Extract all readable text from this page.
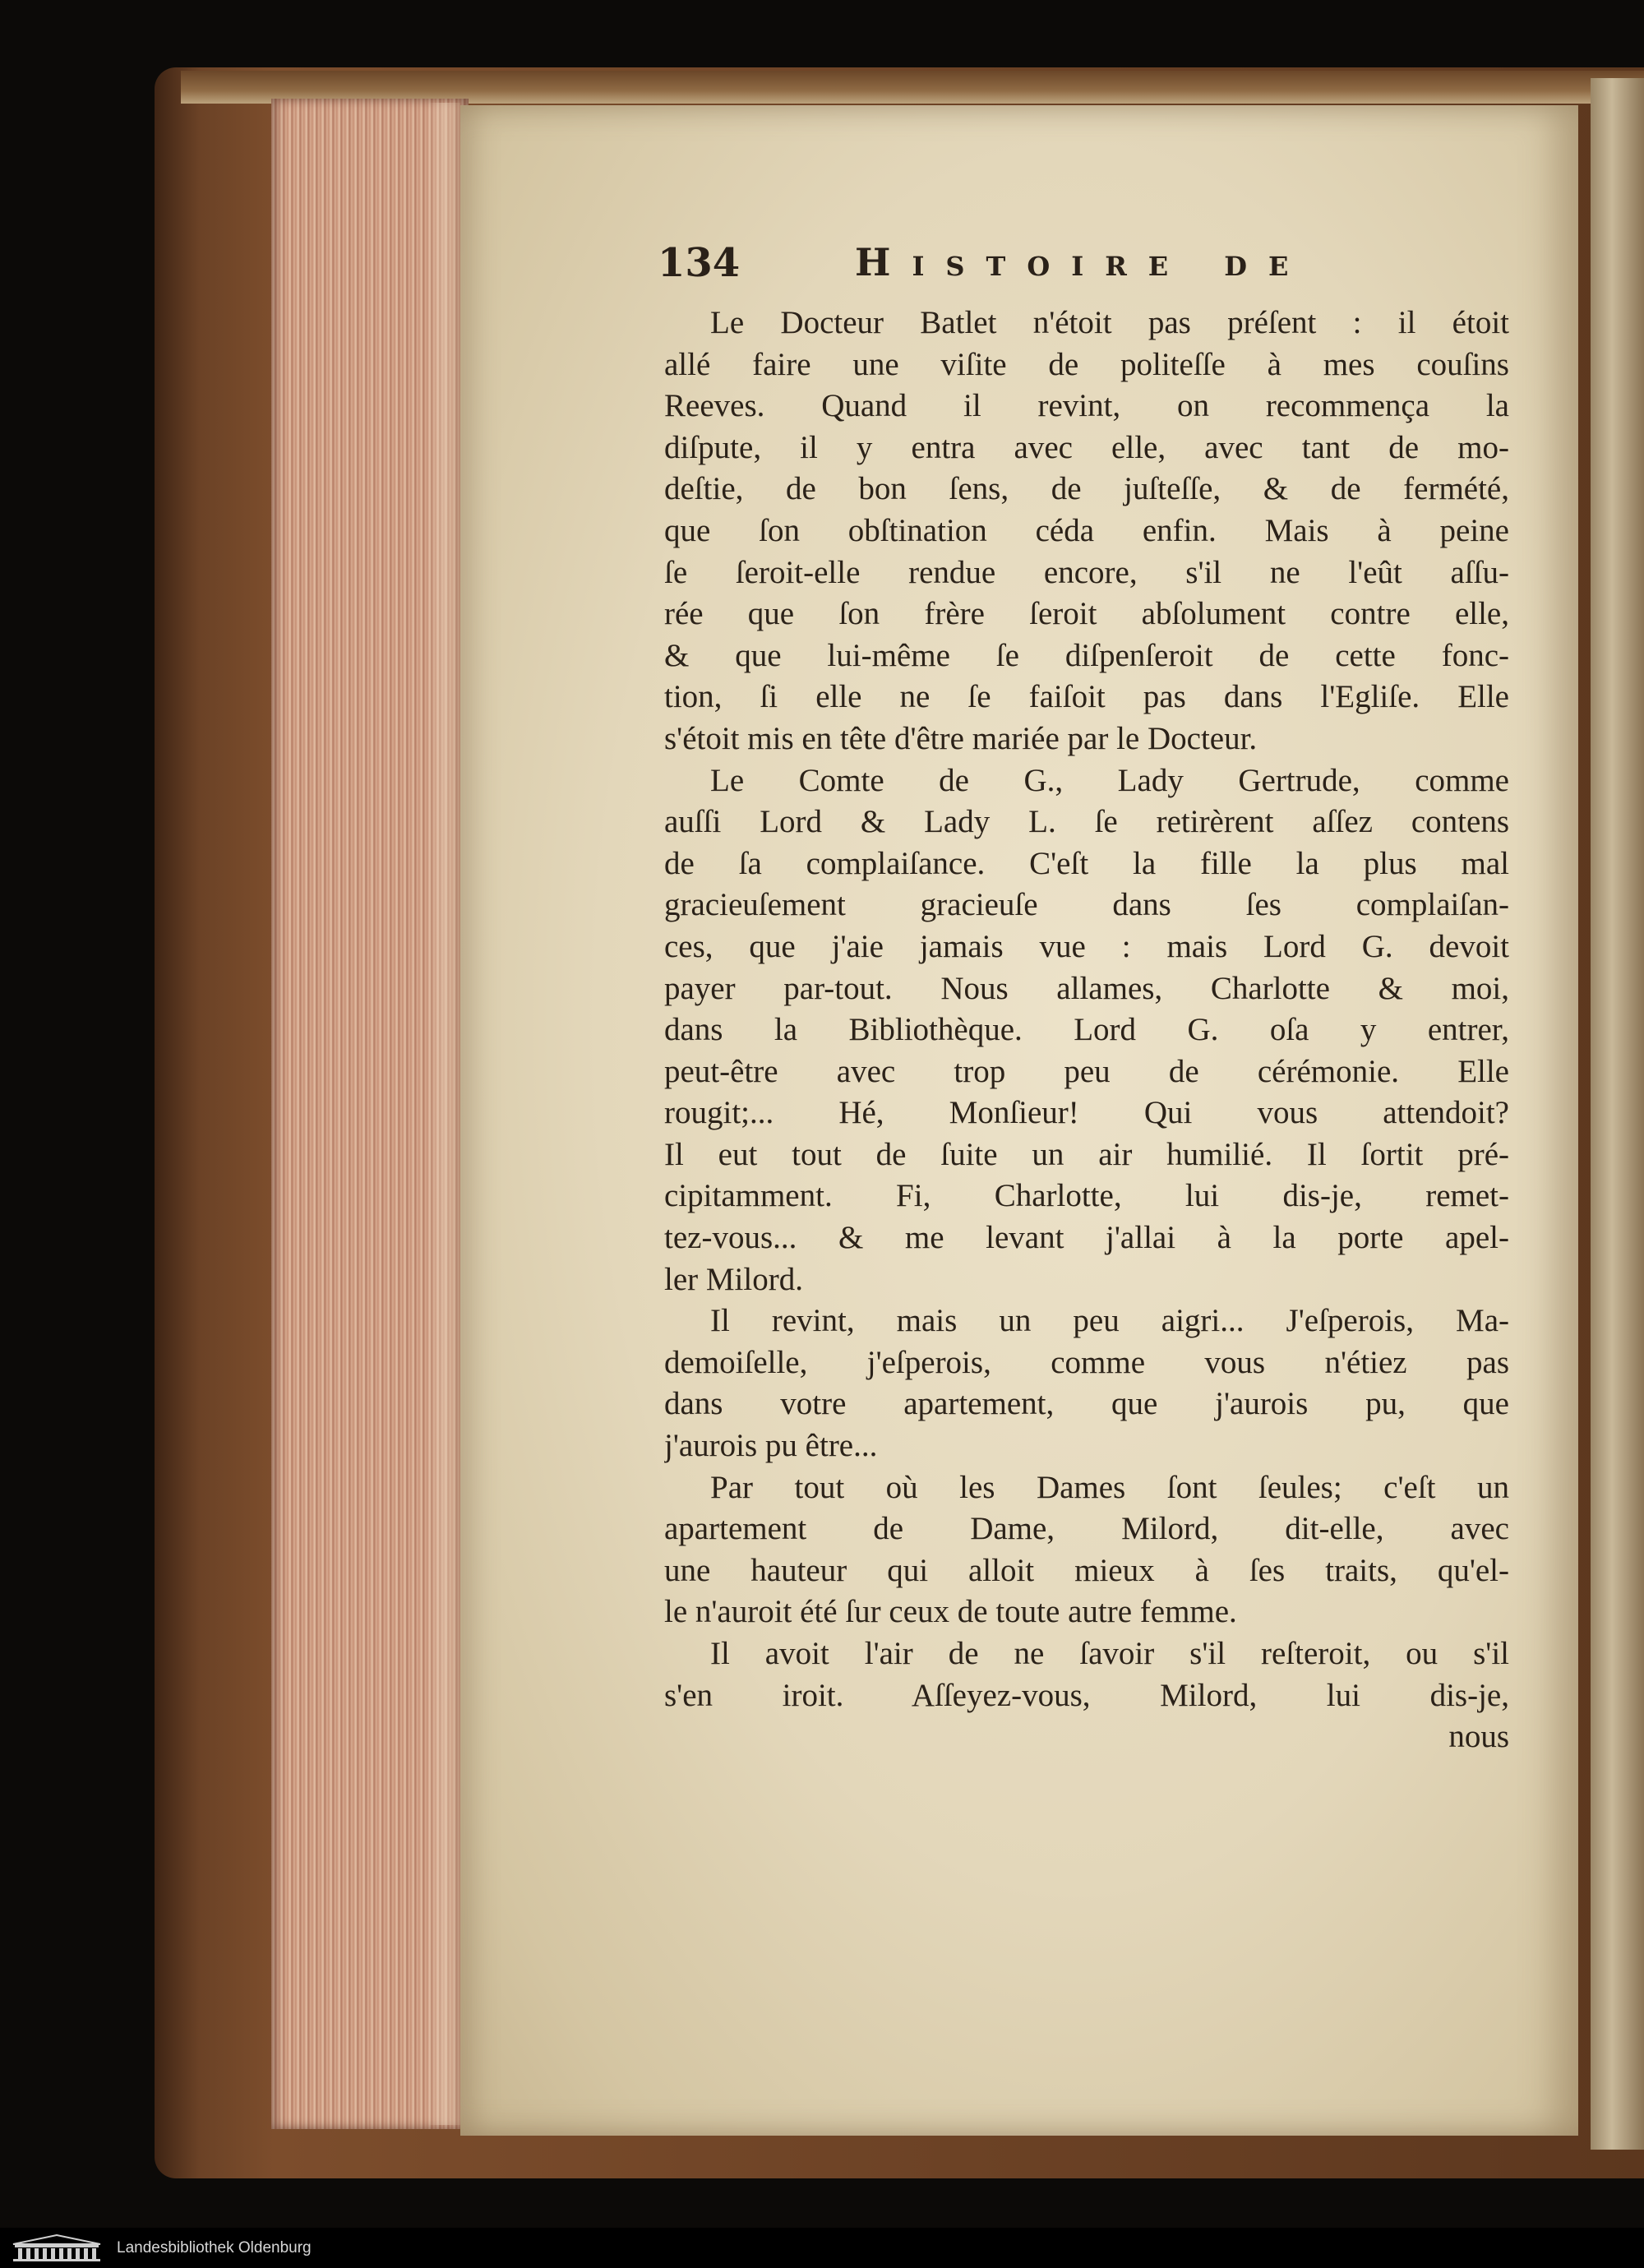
134	Histoire de
Le Docteur Batlet n'étoit pas préſent : il étoit
allé faire une viſite de politeſſe à mes couſins
Reeves. Quand il revint, on recommença la
diſpute, il y entra avec elle, avec tant de mo-
deſtie, de bon ſens, de juſteſſe, & de fermété,
que ſon obſtination céda enfin. Mais à peine
ſe ſeroit-elle rendue encore, s'il ne l'eût aſſu-
rée que ſon frère ſeroit abſolument contre elle,
& que lui-même ſe diſpenſeroit de cette fonc-
tion, ſi elle ne ſe faiſoit pas dans l'Egliſe. Elle
s'étoit mis en tête d'être mariée par le Docteur.
Le Comte de G., Lady Gertrude, comme
auſſi Lord & Lady L. ſe retirèrent aſſez contens
de ſa complaiſance. C'eſt la fille la plus mal
gracieuſement gracieuſe dans ſes complaiſan-
ces, que j'aie jamais vue : mais Lord G. devoit
payer par-tout. Nous allames, Charlotte & moi,
dans la Bibliothèque. Lord G. oſa y entrer,
peut-être avec trop peu de cérémonie. Elle
rougit;... Hé, Monſieur! Qui vous attendoit?
Il eut tout de ſuite un air humilié. Il ſortit pré-
cipitamment. Fi, Charlotte, lui dis-je, remet-
tez-vous... & me levant j'allai à la porte apel-
ler Milord.
Il revint, mais un peu aigri... J'eſperois, Ma-
demoiſelle, j'eſperois, comme vous n'étiez pas
dans votre apartement, que j'aurois pu, que
j'aurois pu être...
Par tout où les Dames ſont ſeules; c'eſt un
apartement de Dame, Milord, dit-elle, avec
une hauteur qui alloit mieux à ſes traits, qu'el-
le n'auroit été ſur ceux de toute autre femme.
Il avoit l'air de ne ſavoir s'il reſteroit, ou s'il
s'en iroit. Aſſeyez-vous, Milord, lui dis-je,
nous
Landesbibliothek Oldenburg
